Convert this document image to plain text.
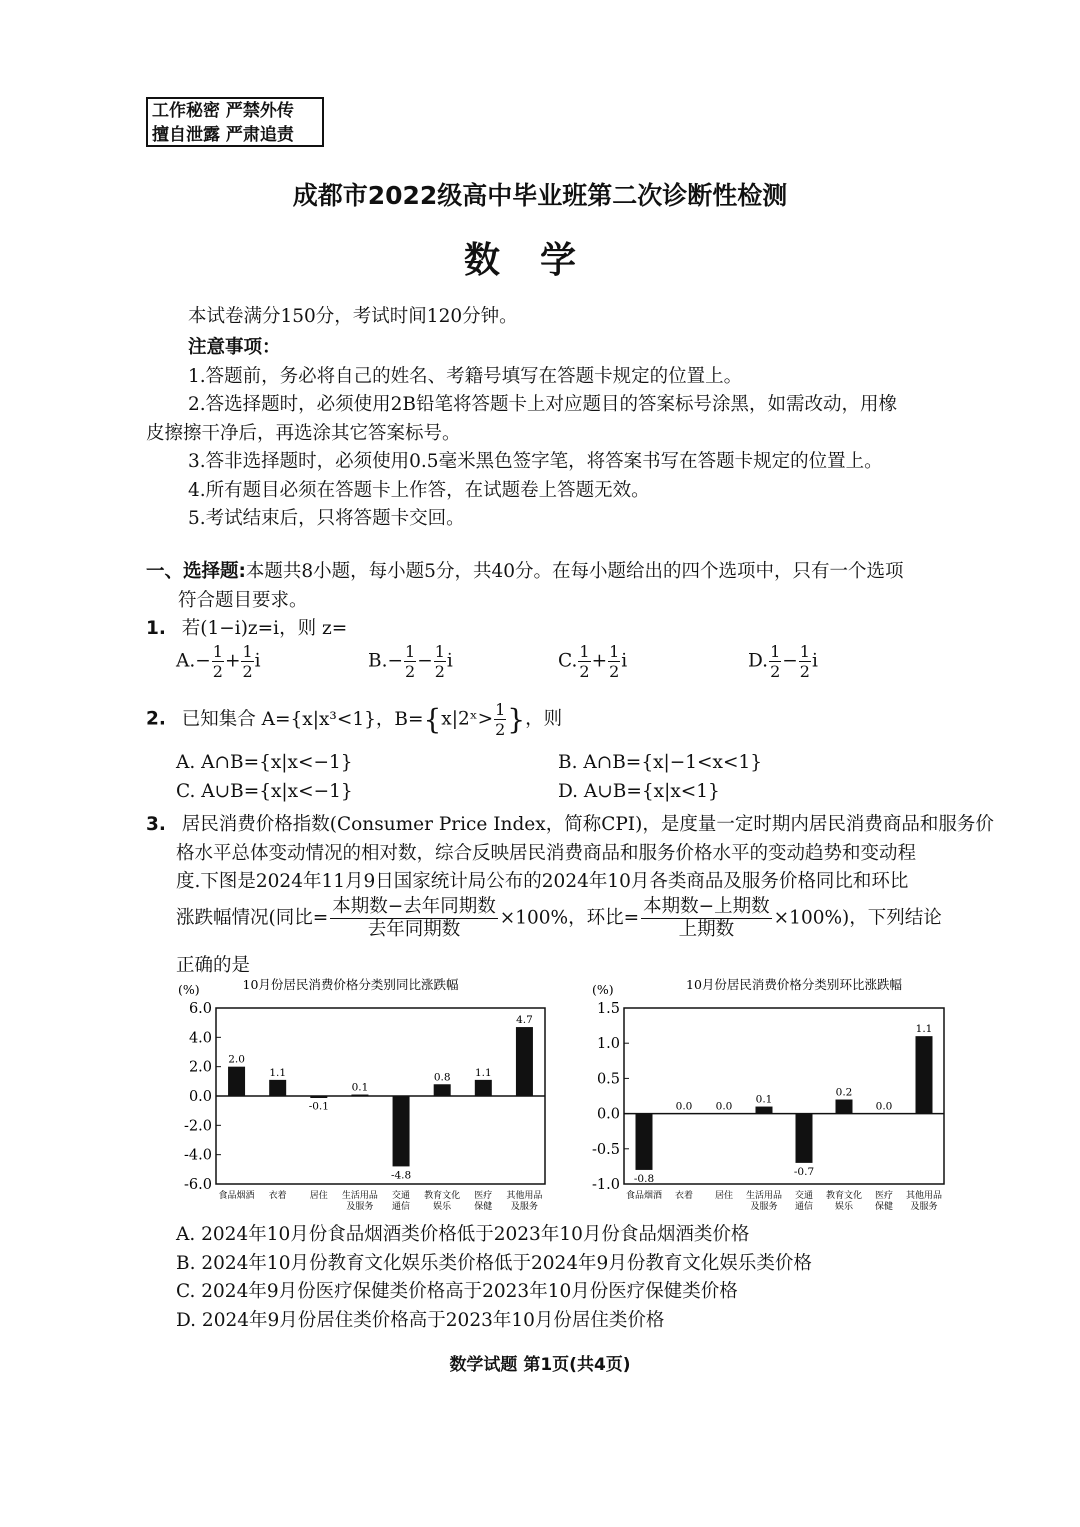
工作秘密 严禁外传
擅自泄露 严肃追责
成都市2022级高中毕业班第二次诊断性检测
数学
本试卷满分150分，考试时间120分钟。
注意事项：
1.答题前，务必将自己的姓名、考籍号填写在答题卡规定的位置上。
2.答选择题时，必须使用2B铅笔将答题卡上对应题目的答案标号涂黑，如需改动，用橡
皮擦擦干净后，再选涂其它答案标号。
3.答非选择题时，必须使用0.5毫米黑色签字笔，将答案书写在答题卡规定的位置上。
4.所有题目必须在答题卡上作答，在试题卷上答题无效。
5.考试结束后，只将答题卡交回。
一、选择题:本题共8小题，每小题5分，共40分。在每小题给出的四个选项中，只有一个选项
符合题目要求。
1. 若(1−i)z=i，则 z=
$A.- \frac{1}{2} + \frac{1}{2}$ i	$B.- \frac{1}{2} - \frac{1}{2}$ i	C. $\frac{1}{2} + \frac{1}{2}$ i	D. $\frac{1}{2} - \frac{1}{2}$ i
2. 已知集合 A={x|x³<1}，B={x|2ˣ> $\frac{1}{2}$ }，则
A. A∩B={x|x<−1}	B. A∩B={x|−1<x<1}
C. A∪B={x|x<−1}	D. A∪B={x|x<1}
3. 居民消费价格指数(Consumer Price Index，简称CPI)，是度量一定时期内居民消费商品和服务价
格水平总体变动情况的相对数，综合反映居民消费商品和服务价格水平的变动趋势和变动程
度.下图是2024年11月9日国家统计局公布的2024年10月各类商品及服务价格同比和环比
涨跌幅情况(同比= $\frac{\text{本期数−去年同期数}}{\text{去年同期数}} \times 100\%$，环比= $\frac{\text{本期数−上期数}}{\text{上期数}} \times 100\%$)，下列结论
正确的是
10月份居民消费价格分类别同比涨跌幅
(%)
6.0
4.0
2.0
0.0
-2.0
-4.0
-6.0
2.0
食品烟酒
1.1
衣着
-0.1
居住
0.1
生活用品
及服务
-4.8
交通
通信
0.8
教育文化
娱乐
1.1
医疗
保健
4.7
其他用品
及服务
10月份居民消费价格分类别环比涨跌幅
(%)
1.5
1.0
0.5
0.0
-0.5
-1.0 -0.8
食品烟酒
0.0
衣着
0.0
居住
0.1
生活用品
及服务
-0.7
交通
通信
0.2
教育文化
娱乐
0.0
医疗
保健
1.1
其他用品
及服务
A. 2024年10月份食品烟酒类价格低于2023年10月份食品烟酒类价格
B. 2024年10月份教育文化娱乐类价格低于2024年9月份教育文化娱乐类价格
C. 2024年9月份医疗保健类价格高于2023年10月份医疗保健类价格
D. 2024年9月份居住类价格高于2023年10月份居住类价格
数学试题 第1页(共4页)
